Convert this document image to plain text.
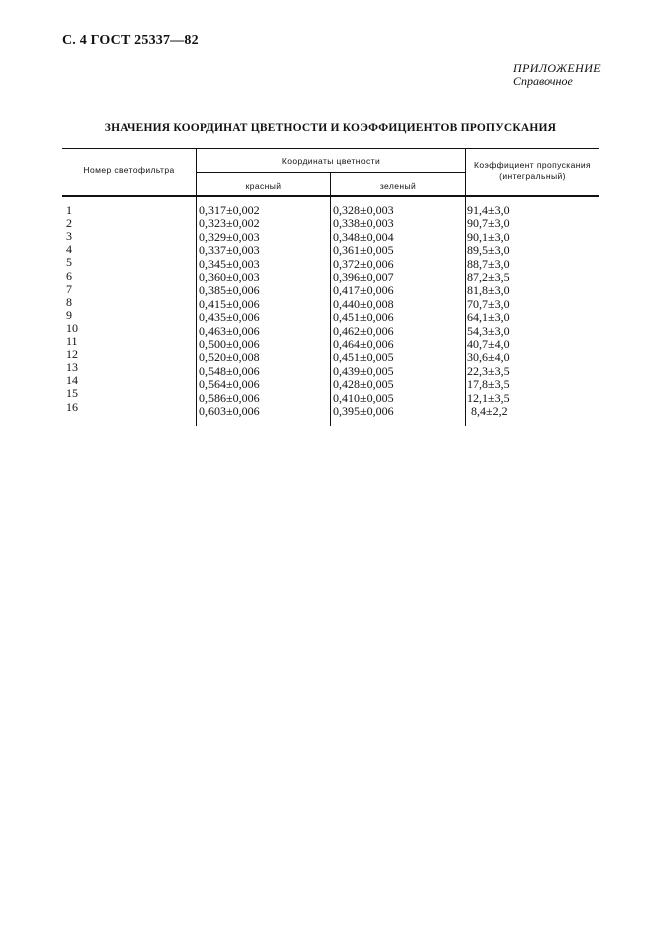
С. 4 ГОСТ 25337—82
ПРИЛОЖЕНИЕ
Справочное
ЗНАЧЕНИЯ КООРДИНАТ ЦВЕТНОСТИ И КОЭФФИЦИЕНТОВ ПРОПУСКАНИЯ
Номер светофильтра
Координаты цветности
красный	зеленый
Коэффициент пропускания
(интегральный)
1
2
3
4
5
6
7
8
9
10
11
12
13
14
15
16
0,317±0,002
0,323±0,002
0,329±0,003
0,337±0,003
0,345±0,003
0,360±0,003
0,385±0,006
0,415±0,006
0,435±0,006
0,463±0,006
0,500±0,006
0,520±0,008
0,548±0,006
0,564±0,006
0,586±0,006
0,603±0,006
0,328±0,003
0,338±0,003
0,348±0,004
0,361±0,005
0,372±0,006
0,396±0,007
0,417±0,006
0,440±0,008
0,451±0,006
0,462±0,006
0,464±0,006
0,451±0,005
0,439±0,005
0,428±0,005
0,410±0,005
0,395±0,006
91,4±3,0
90,7±3,0
90,1±3,0
89,5±3,0
88,7±3,0
87,2±3,5
81,8±3,0
70,7±3,0
64,1±3,0
54,3±3,0
40,7±4,0
30,6±4,0
22,3±3,5
17,8±3,5
12,1±3,5
8,4±2,2
